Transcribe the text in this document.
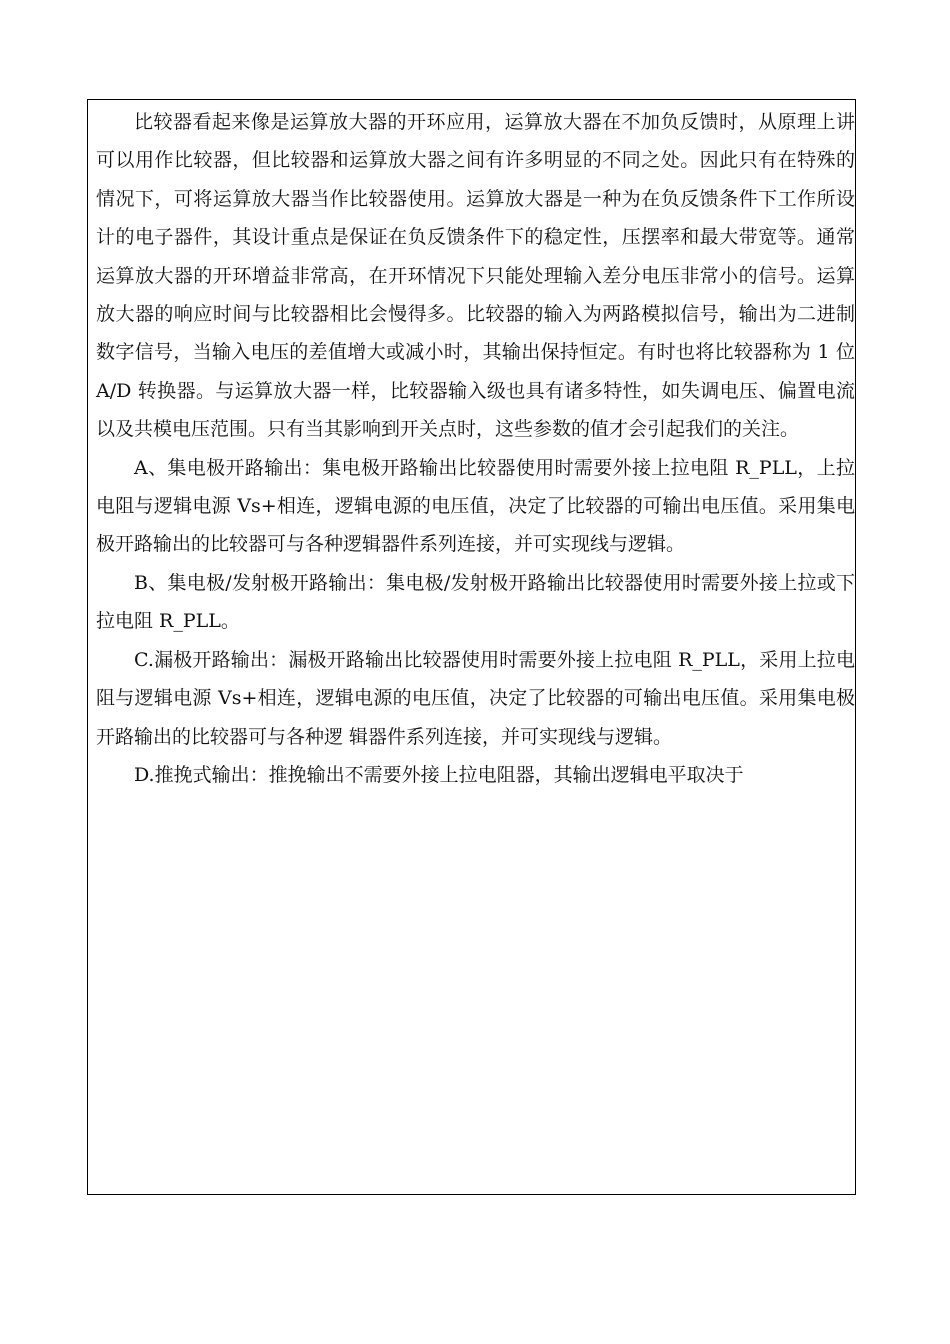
比较器看起来像是运算放大器的开环应用，运算放大器在不加负反馈时，从原理上讲可以用作比较器，但比较器和运算放大器之间有许多明显的不同之处。因此只有在特殊的情况下，可将运算放大器当作比较器使用。运算放大器是一种为在负反馈条件下工作所设计的电子器件，其设计重点是保证在负反馈条件下的稳定性，压摆率和最大带宽等。通常运算放大器的开环增益非常高，在开环情况下只能处理输入差分电压非常小的信号。运算放大器的响应时间与比较器相比会慢得多。比较器的输入为两路模拟信号，输出为二进制数字信号，当输入电压的差值增大或减小时，其输出保持恒定。有时也将比较器称为 1 位 A/D 转换器。与运算放大器一样，比较器输入级也具有诸多特性，如失调电压、偏置电流以及共模电压范围。只有当其影响到开关点时，这些参数的值才会引起我们的关注。

A、集电极开路输出：集电极开路输出比较器使用时需要外接上拉电阻 R_PLL，上拉电阻与逻辑电源 Vs+相连，逻辑电源的电压值，决定了比较器的可输出电压值。采用集电极开路输出的比较器可与各种逻辑器件系列连接，并可实现线与逻辑。

B、集电极/发射极开路输出：集电极/发射极开路输出比较器使用时需要外接上拉或下拉电阻 R_PLL。

C.漏极开路输出：漏极开路输出比较器使用时需要外接上拉电阻 R_PLL，采用上拉电阻与逻辑电源 Vs+相连，逻辑电源的电压值，决定了比较器的可输出电压值。采用集电极开路输出的比较器可与各种逻 辑器件系列连接，并可实现线与逻辑。

D.推挽式输出：推挽输出不需要外接上拉电阻器，其输出逻辑电平取决于
